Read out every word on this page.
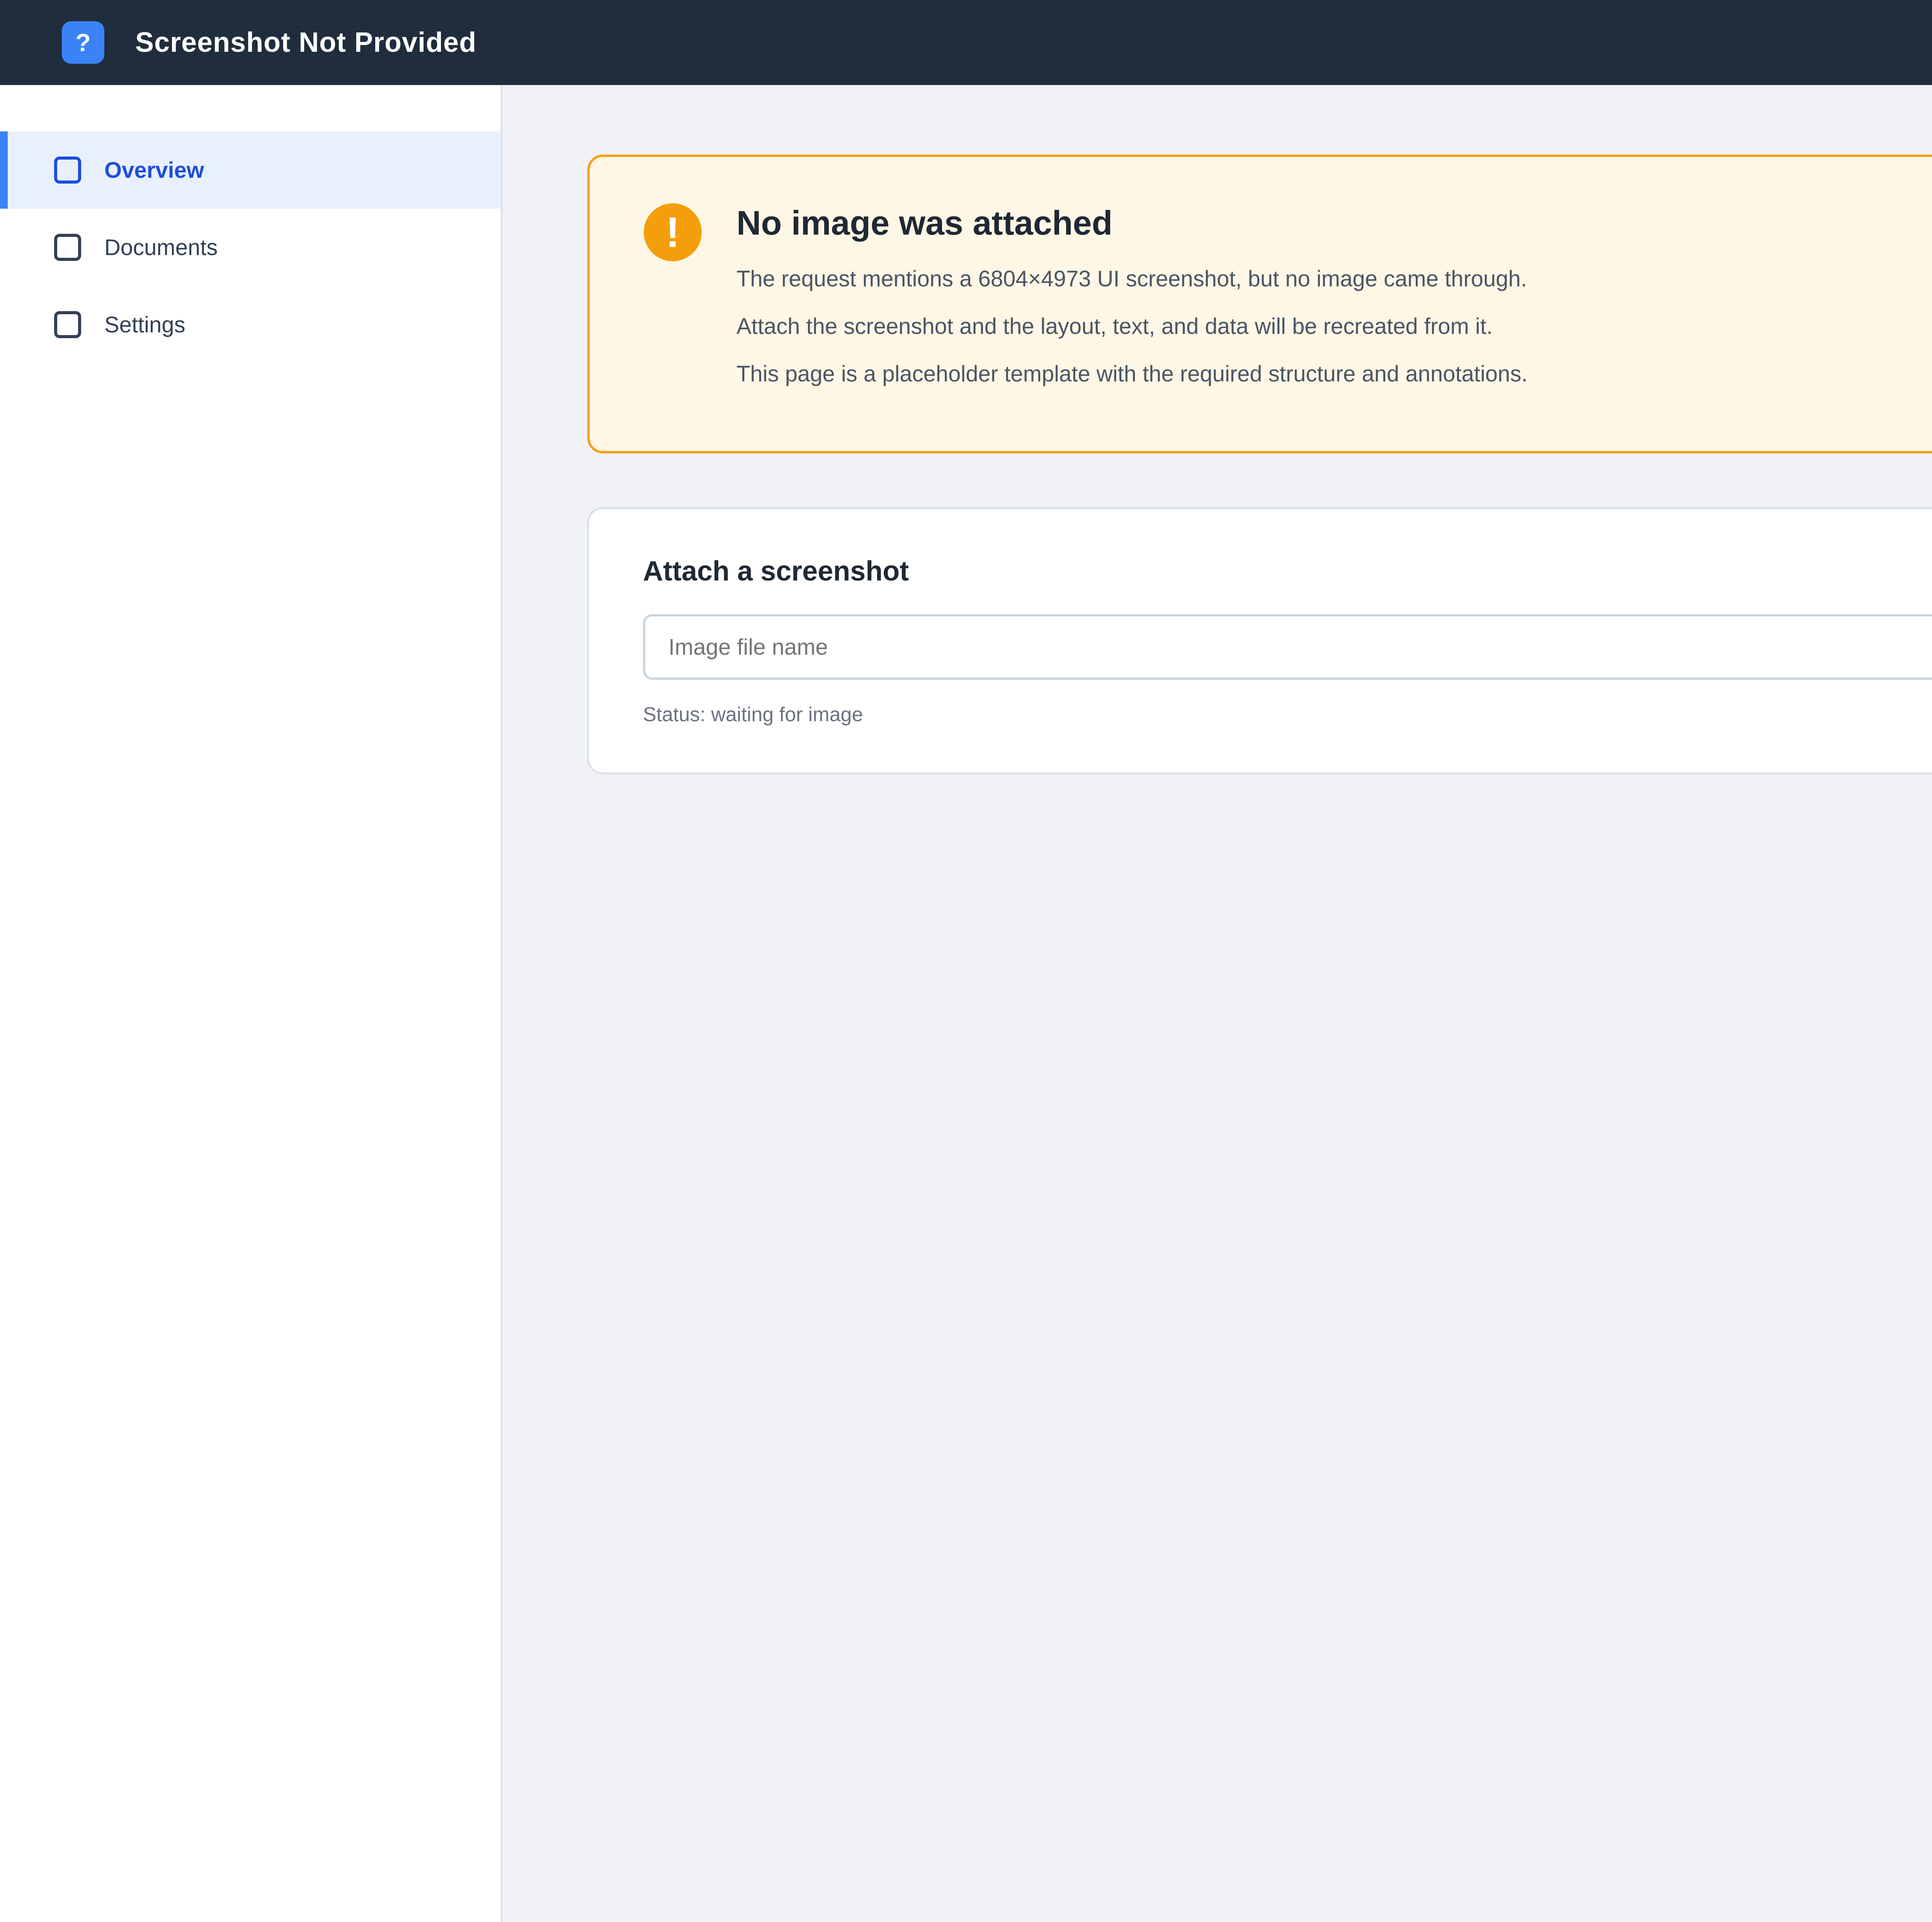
?	Screenshot Not Provided
Overview
Documents
Settings
!	No image was attached

The request mentions a 6804×4973 UI screenshot, but no image came through.

Attach the screenshot and the layout, text, and data will be recreated from it.

This page is a placeholder template with the required structure and annotations.

Attach a screenshot
Image file name
Status: waiting for image
